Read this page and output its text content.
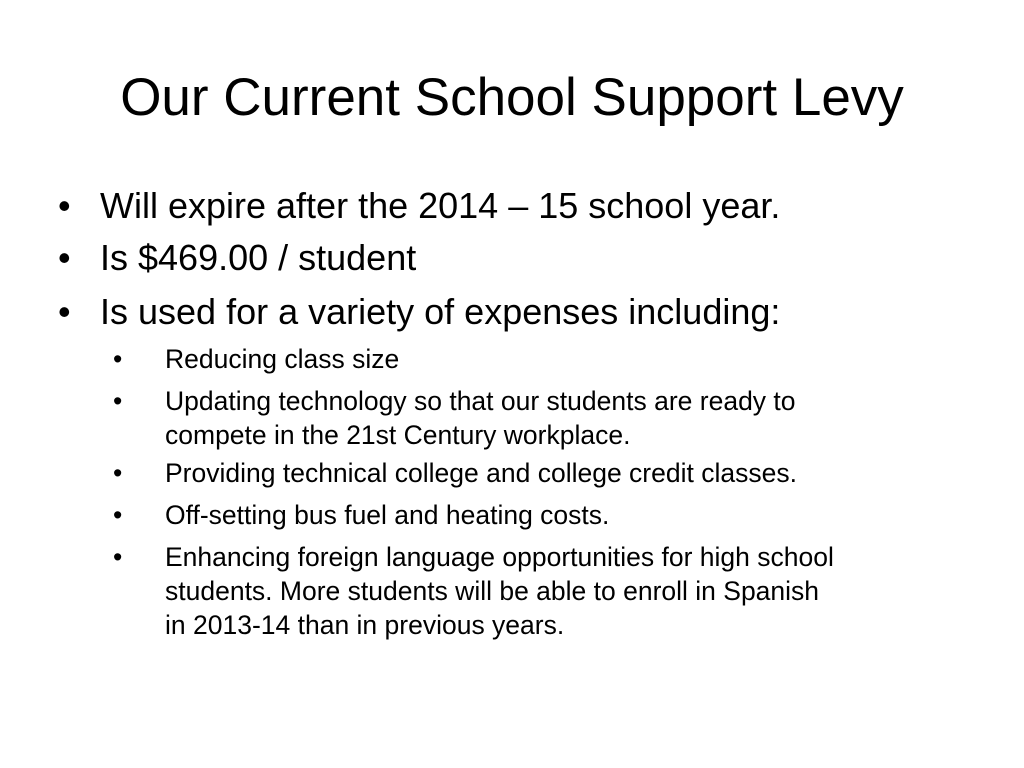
Our Current School Support Levy
• Will expire after the 2014 – 15 school year.
• Is $469.00 / student
• Is used for a variety of expenses including:
•	Reducing class size
•	Updating technology so that our students are ready to
compete in the 21st Century workplace.
•	Providing technical college and college credit classes.
•	Off-setting bus fuel and heating costs.
•	Enhancing foreign language opportunities for high school
students. More students will be able to enroll in Spanish
in 2013-14 than in previous years.
